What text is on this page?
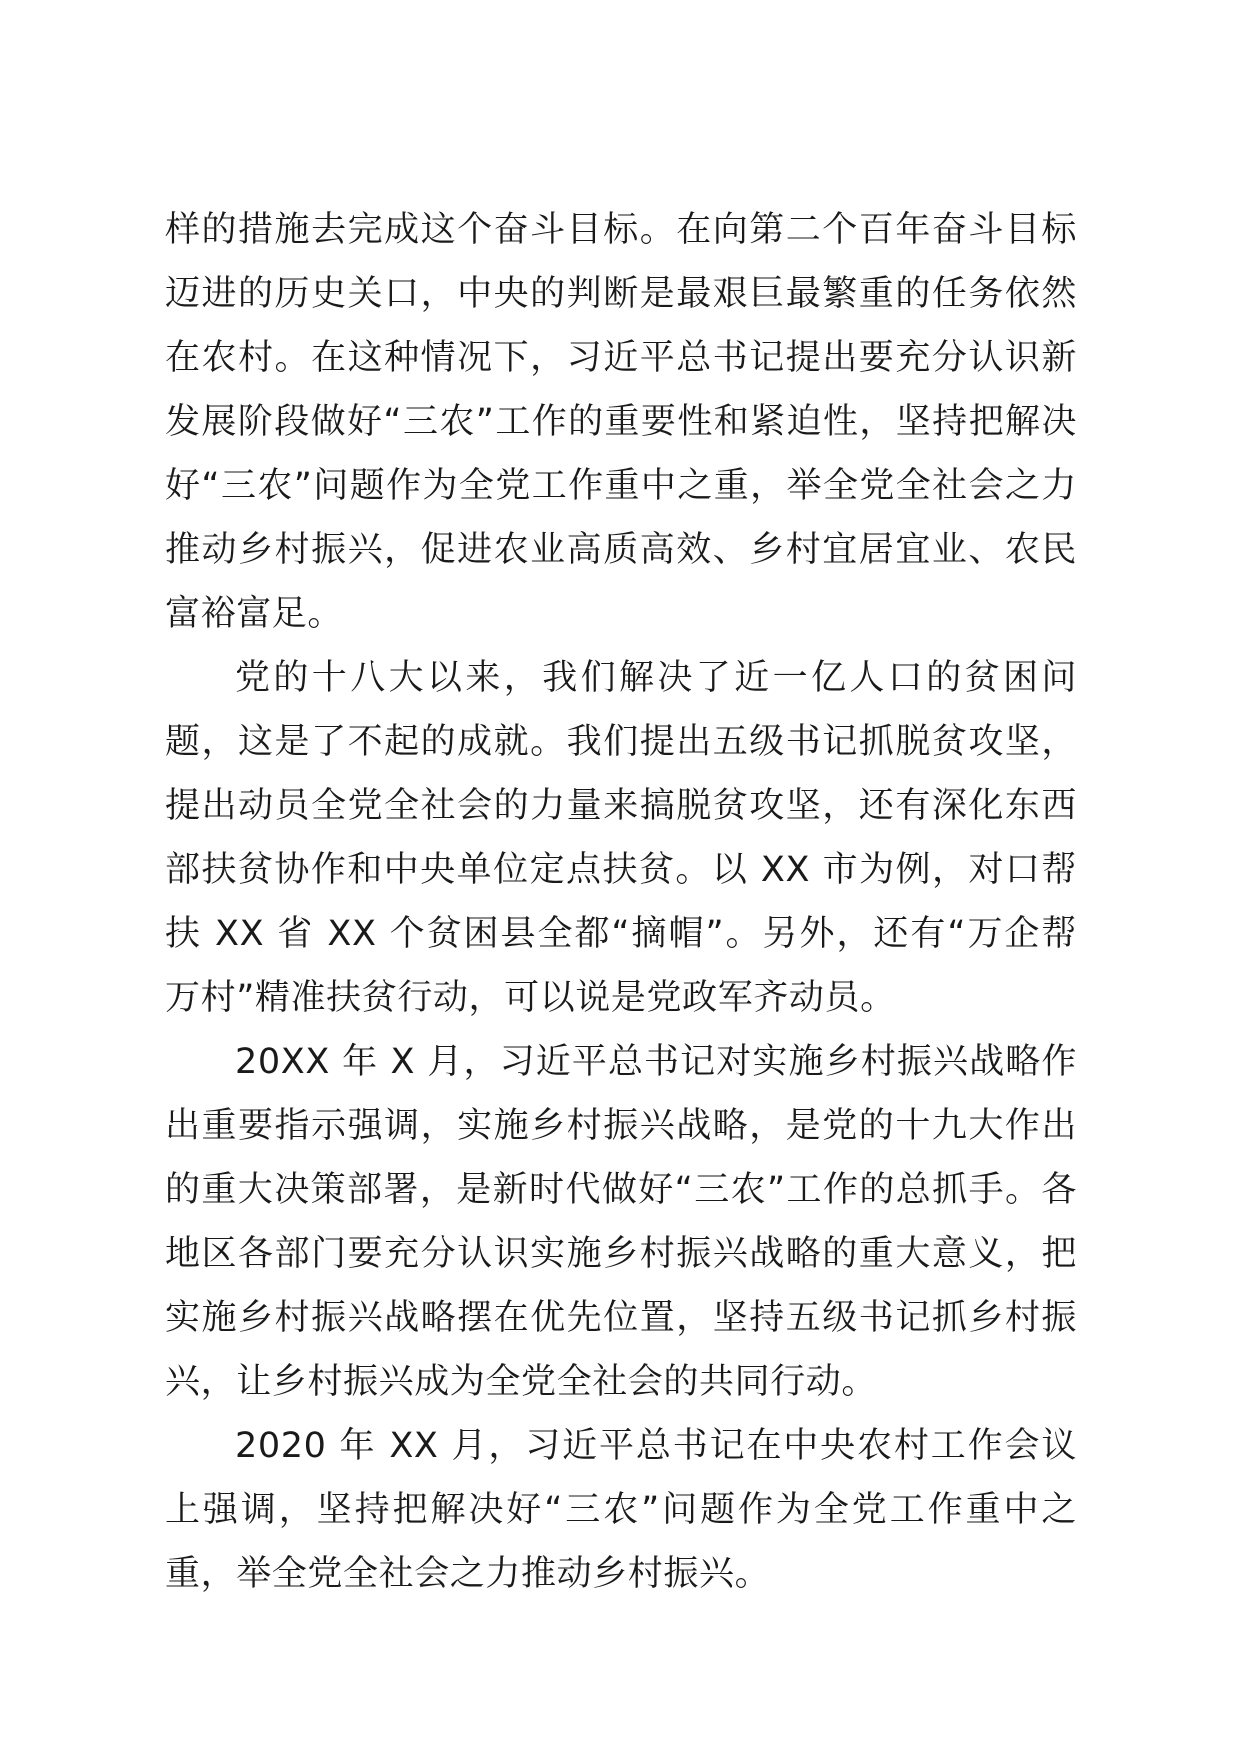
样的措施去完成这个奋斗目标。在向第二个百年奋斗目标迈进的历史关口，中央的判断是最艰巨最繁重的任务依然在农村。在这种情况下，习近平总书记提出要充分认识新发展阶段做好“三农”工作的重要性和紧迫性，坚持把解决好“三农”问题作为全党工作重中之重，举全党全社会之力推动乡村振兴，促进农业高质高效、乡村宜居宜业、农民富裕富足。

党的十八大以来，我们解决了近一亿人口的贫困问题，这是了不起的成就。我们提出五级书记抓脱贫攻坚，提出动员全党全社会的力量来搞脱贫攻坚，还有深化东西部扶贫协作和中央单位定点扶贫。以 XX 市为例，对口帮扶 XX 省 XX 个贫困县全都“摘帽”。另外，还有“万企帮万村”精准扶贫行动，可以说是党政军齐动员。

20XX 年 X 月，习近平总书记对实施乡村振兴战略作出重要指示强调，实施乡村振兴战略，是党的十九大作出的重大决策部署，是新时代做好“三农”工作的总抓手。各地区各部门要充分认识实施乡村振兴战略的重大意义，把实施乡村振兴战略摆在优先位置，坚持五级书记抓乡村振兴，让乡村振兴成为全党全社会的共同行动。

2020 年 XX 月，习近平总书记在中央农村工作会议上强调，坚持把解决好“三农”问题作为全党工作重中之重，举全党全社会之力推动乡村振兴。
